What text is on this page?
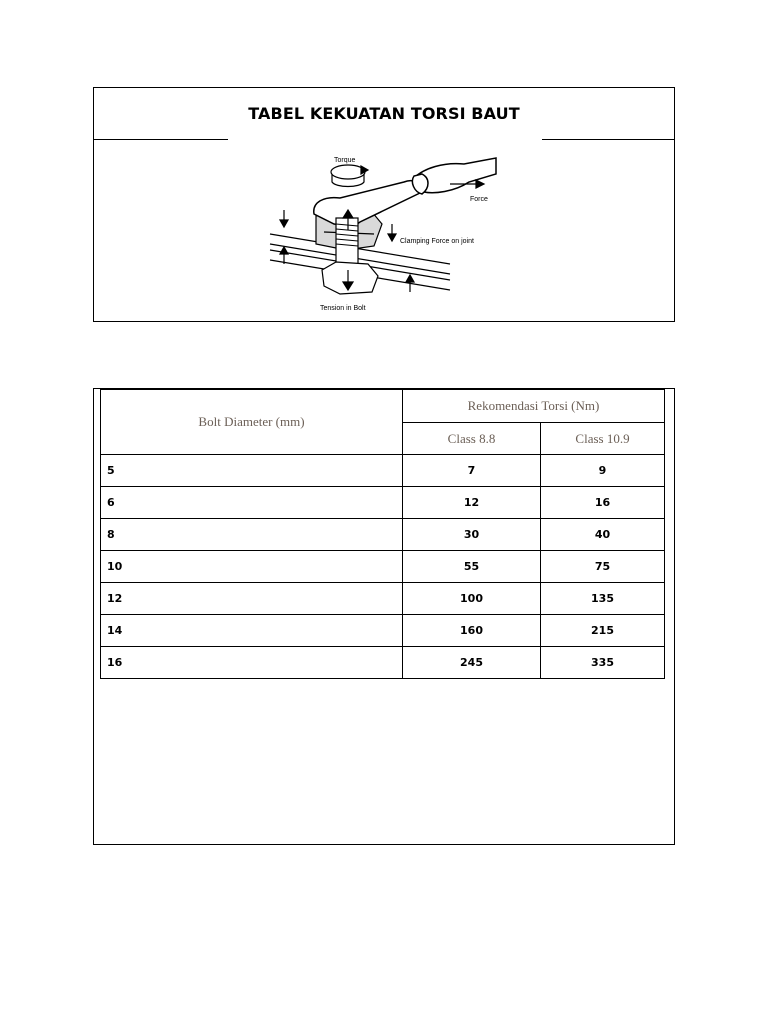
TABEL KEKUATAN TORSI BAUT
Torque
Force
Clamping Force on joint
Tension in Bolt
Bolt Diameter (mm)	Rekomendasi Torsi (Nm)	
	Class 8.8	Class 10.9
5	7	9
6	12	16
8	30	40
10	55	75
12	100	135
14	160	215
16	245	335
